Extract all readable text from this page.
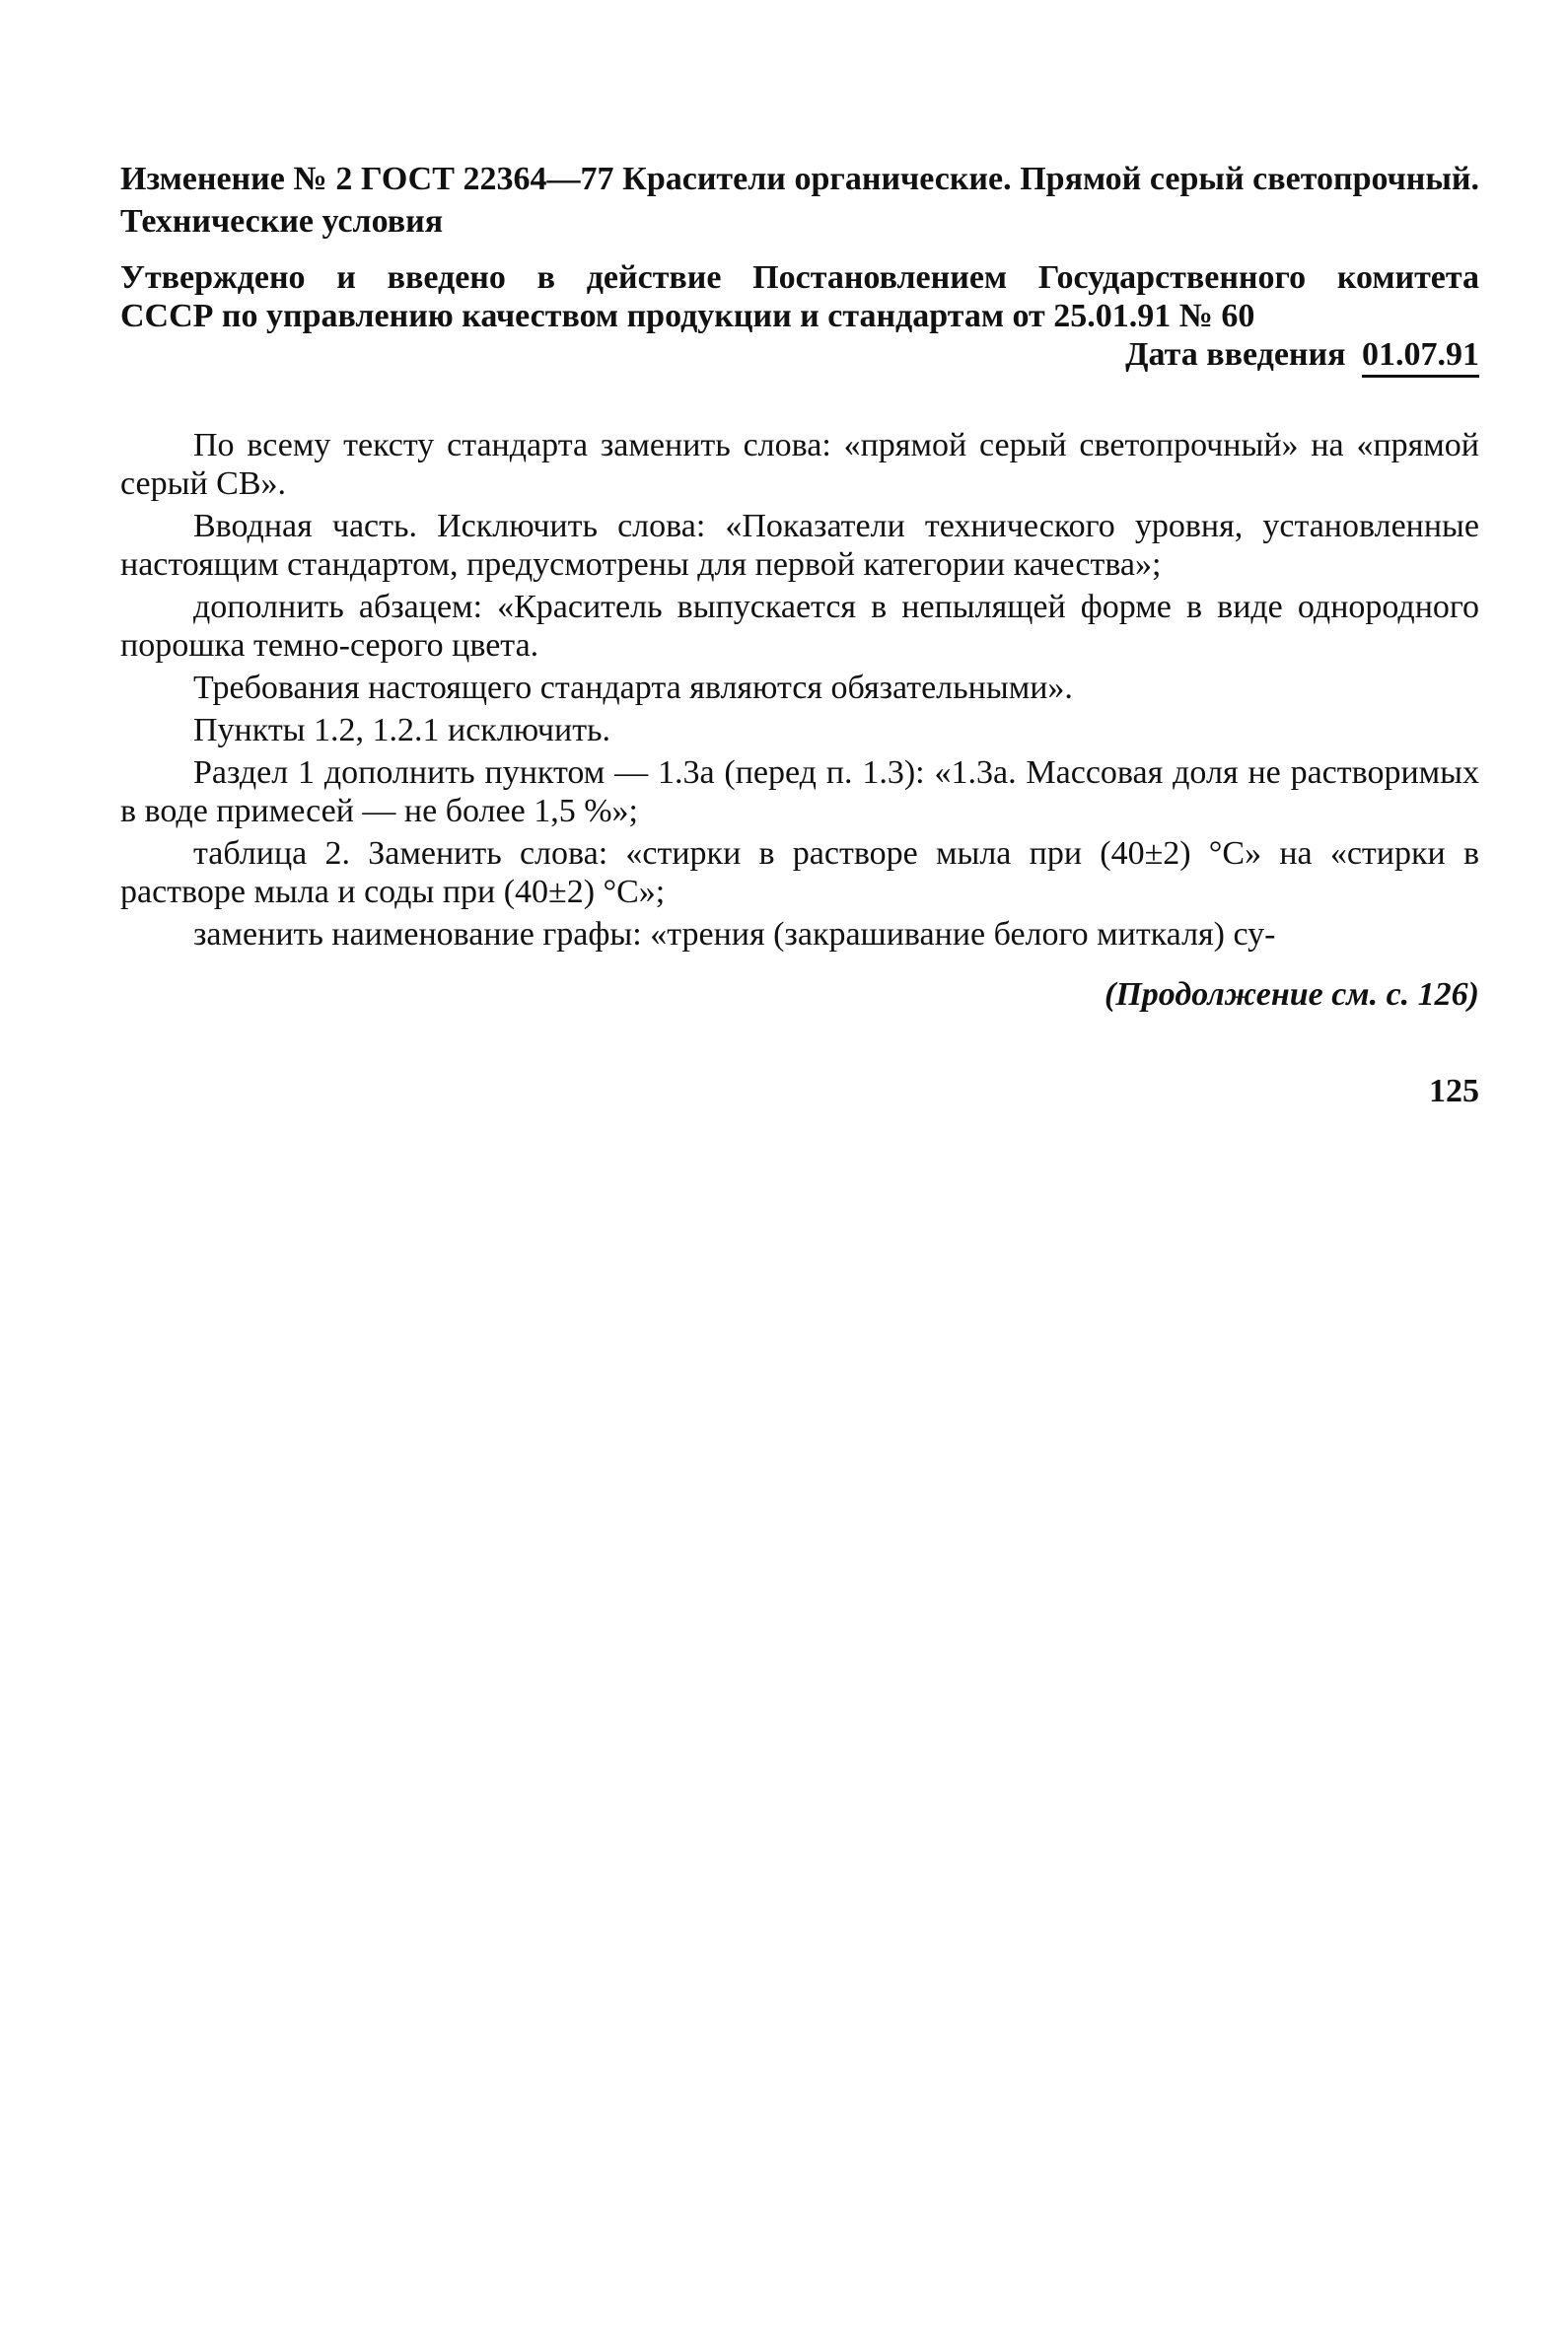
Изменение № 2 ГОСТ 22364—77 Красители органические. Прямой серый светопрочный. Технические условия

Утверждено и введено в действие Постановлением Государственного комитета
СССР по управлению качеством продукции и стандартам от 25.01.91 № 60
Дата введения 01.07.91

По всему тексту стандарта заменить слова: «прямой серый светопрочный» на «прямой серый СВ».

Вводная часть. Исключить слова: «Показатели технического уровня, установленные настоящим стандартом, предусмотрены для первой категории качества»;

дополнить абзацем: «Краситель выпускается в непылящей форме в виде однородного порошка темно-серого цвета.

Требования настоящего стандарта являются обязательными».

Пункты 1.2, 1.2.1 исключить.

Раздел 1 дополнить пунктом — 1.3а (перед п. 1.3): «1.3а. Массовая доля не растворимых в воде примесей — не более 1,5 %»;

таблица 2. Заменить слова: «стирки в растворе мыла при (40±2) °С» на «стирки в растворе мыла и соды при (40±2) °С»;

заменить наименование графы: «трения (закрашивание белого миткаля) су-

(Продолжение см. с. 126)
125
